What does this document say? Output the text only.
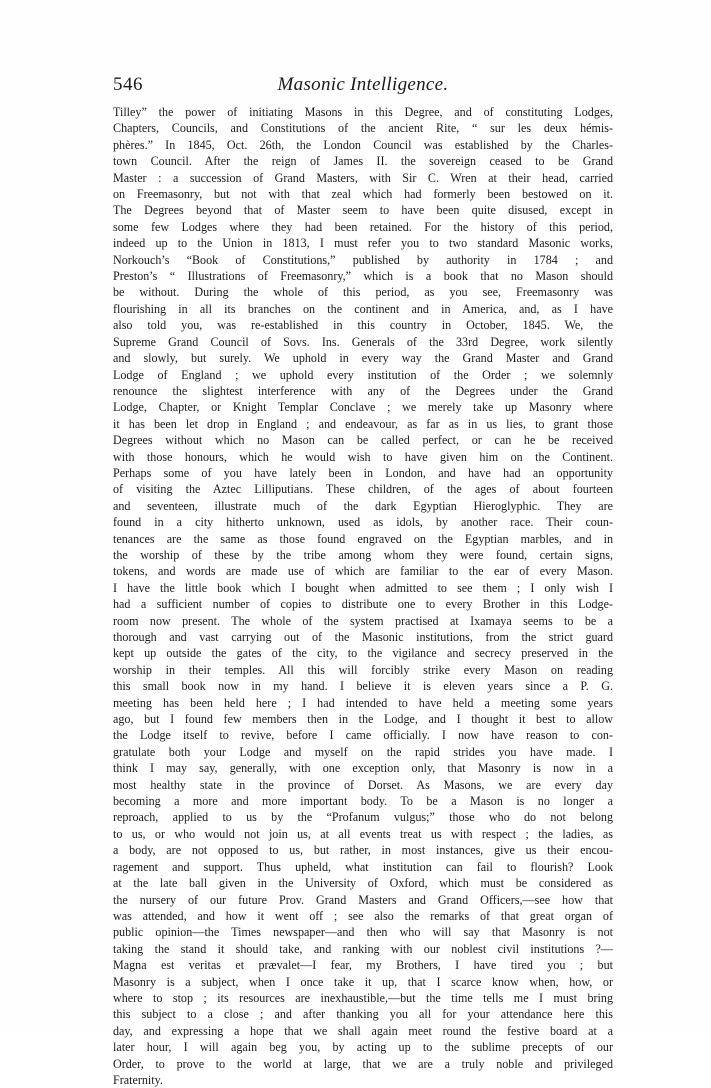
546	Masonic Intelligence.
Tilley” the power of initiating Masons in this Degree, and of constituting Lodges,
Chapters, Councils, and Constitutions of the ancient Rite, “ sur les deux hémis-
phères.” In 1845, Oct. 26th, the London Council was established by the Charles-
town Council. After the reign of James II. the sovereign ceased to be Grand
Master : a succession of Grand Masters, with Sir C. Wren at their head, carried
on Freemasonry, but not with that zeal which had formerly been bestowed on it.
The Degrees beyond that of Master seem to have been quite disused, except in
some few Lodges where they had been retained. For the history of this period,
indeed up to the Union in 1813, I must refer you to two standard Masonic works,
Norkouch’s “Book of Constitutions,” published by authority in 1784 ; and
Preston’s “ Illustrations of Freemasonry,” which is a book that no Mason should
be without. During the whole of this period, as you see, Freemasonry was
flourishing in all its branches on the continent and in America, and, as I have
also told you, was re-established in this country in October, 1845. We, the
Supreme Grand Council of Sovs. Ins. Generals of the 33rd Degree, work silently
and slowly, but surely. We uphold in every way the Grand Master and Grand
Lodge of England ; we uphold every institution of the Order ; we solemnly
renounce the slightest interference with any of the Degrees under the Grand
Lodge, Chapter, or Knight Templar Conclave ; we merely take up Masonry where
it has been let drop in England ; and endeavour, as far as in us lies, to grant those
Degrees without which no Mason can be called perfect, or can he be received
with those honours, which he would wish to have given him on the Continent.
Perhaps some of you have lately been in London, and have had an opportunity
of visiting the Aztec Lilliputians. These children, of the ages of about fourteen
and seventeen, illustrate much of the dark Egyptian Hieroglyphic. They are
found in a city hitherto unknown, used as idols, by another race. Their coun-
tenances are the same as those found engraved on the Egyptian marbles, and in
the worship of these by the tribe among whom they were found, certain signs,
tokens, and words are made use of which are familiar to the ear of every Mason.
I have the little book which I bought when admitted to see them ; I only wish I
had a sufficient number of copies to distribute one to every Brother in this Lodge-
room now present. The whole of the system practised at Ixamaya seems to be a
thorough and vast carrying out of the Masonic institutions, from the strict guard
kept up outside the gates of the city, to the vigilance and secrecy preserved in the
worship in their temples. All this will forcibly strike every Mason on reading
this small book now in my hand. I believe it is eleven years since a P. G.
meeting has been held here ; I had intended to have held a meeting some years
ago, but I found few members then in the Lodge, and I thought it best to allow
the Lodge itself to revive, before I came officially. I now have reason to con-
gratulate both your Lodge and myself on the rapid strides you have made. I
think I may say, generally, with one exception only, that Masonry is now in a
most healthy state in the province of Dorset. As Masons, we are every day
becoming a more and more important body. To be a Mason is no longer a
reproach, applied to us by the “Profanum vulgus;” those who do not belong
to us, or who would not join us, at all events treat us with respect ; the ladies, as
a body, are not opposed to us, but rather, in most instances, give us their encou-
ragement and support. Thus upheld, what institution can fail to flourish? Look
at the late ball given in the University of Oxford, which must be considered as
the nursery of our future Prov. Grand Masters and Grand Officers,—see how that
was attended, and how it went off ; see also the remarks of that great organ of
public opinion—the Times newspaper—and then who will say that Masonry is not
taking the stand it should take, and ranking with our noblest civil institutions ?—
Magna est veritas et prævalet—I fear, my Brothers, I have tired you ; but
Masonry is a subject, when I once take it up, that I scarce know when, how, or
where to stop ; its resources are inexhaustible,—but the time tells me I must bring
this subject to a close ; and after thanking you all for your attendance here this
day, and expressing a hope that we shall again meet round the festive board at a
later hour, I will again beg you, by acting up to the sublime precepts of our
Order, to prove to the world at large, that we are a truly noble and privileged
Fraternity.
